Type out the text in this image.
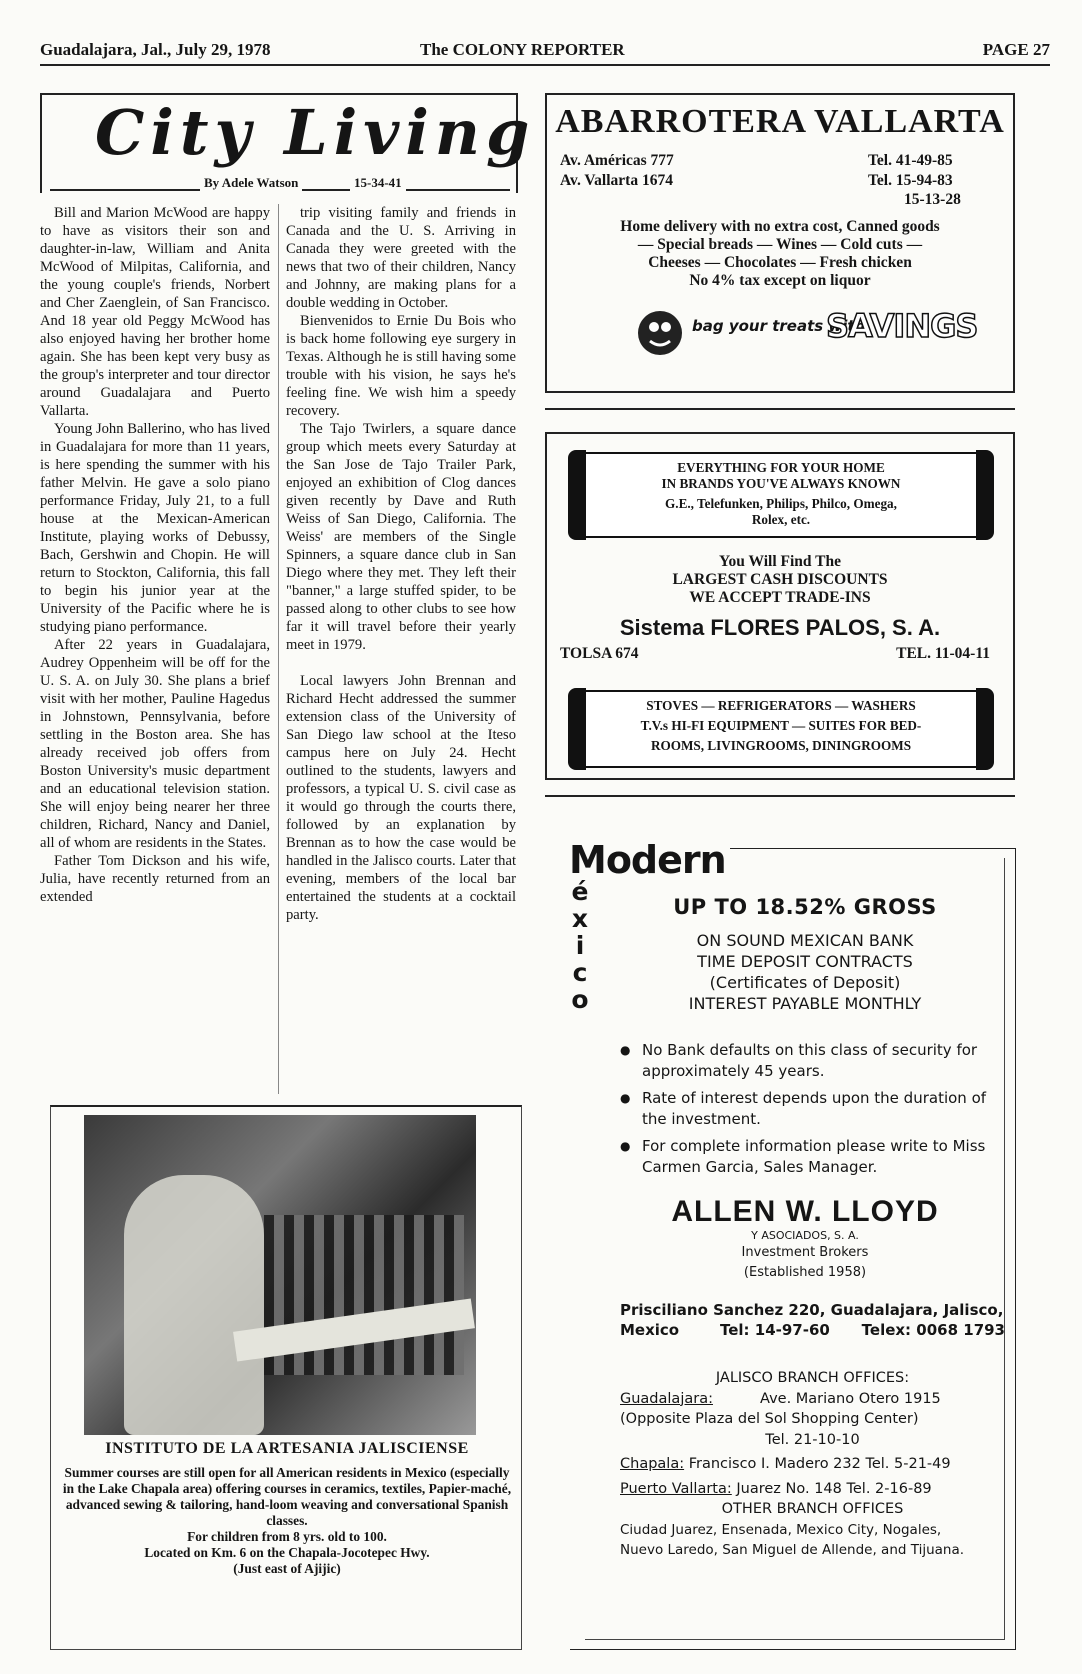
Guadalajara, Jal., July 29, 1978	The COLONY REPORTER	PAGE 27
City Living
By Adele Watson	15-34-41

Bill and Marion McWood are happy to have as visitors their son and daughter-in-law, William and Anita McWood of Milpitas, California, and the young couple's friends, Norbert and Cher Zaenglein, of San Francisco. And 18 year old Peggy McWood has also enjoyed having her brother home again. She has been kept very busy as the group's interpreter and tour director around Guadalajara and Puerto Vallarta.

Young John Ballerino, who has lived in Guadalajara for more than 11 years, is here spending the summer with his father Melvin. He gave a solo piano performance Friday, July 21, to a full house at the Mexican-American Institute, playing works of Debussy, Bach, Gershwin and Chopin. He will return to Stockton, California, this fall to begin his junior year at the University of the Pacific where he is studying piano performance.

After 22 years in Guadalajara, Audrey Oppenheim will be off for the U. S. A. on July 30. She plans a brief visit with her mother, Pauline Hagedus in Johnstown, Pennsylvania, before settling in the Boston area. She has already received job offers from Boston University's music department and an educational television station. She will enjoy being nearer her three children, Richard, Nancy and Daniel, all of whom are residents in the States.

Father Tom Dickson and his wife, Julia, have recently returned from an extended

trip visiting family and friends in Canada and the U. S. Arriving in Canada they were greeted with the news that two of their children, Nancy and Johnny, are making plans for a double wedding in October.

Bienvenidos to Ernie Du Bois who is back home following eye surgery in Texas. Although he is still having some trouble with his vision, he says he's feeling fine. We wish him a speedy recovery.

The Tajo Twirlers, a square dance group which meets every Saturday at the San Jose de Tajo Trailer Park, enjoyed an exhibition of Clog dances given recently by Dave and Ruth Weiss of San Diego, California. The Weiss' are members of the Single Spinners, a square dance club in San Diego where they met. They left their "banner," a large stuffed spider, to be passed along to other clubs to see how far it will travel before their yearly meet in 1979.

Local lawyers John Brennan and Richard Hecht addressed the summer extension class of the University of San Diego law school at the Iteso campus here on July 24. Hecht outlined to the students, lawyers and professors, a typical U. S. civil case as it would go through the courts there, followed by an explanation by Brennan as to how the case would be handled in the Jalisco courts. Later that evening, members of the local bar entertained the students at a cocktail party.

INSTITUTO DE LA ARTESANIA JALISCIENSE
Summer courses are still open for all American residents in Mexico (especially in the Lake Chapala area) offering courses in ceramics, textiles, Papier-maché, advanced sewing & tailoring, hand-loom weaving and conversational Spanish classes.
For children from 8 yrs. old to 100.
Located on Km. 6 on the Chapala-Jocotepec Hwy.
(Just east of Ajijic)
ABARROTERA VALLARTA
Av. Américas 777
Av. Vallarta 1674
Tel. 41-49-85
Tel. 15-94-83
15-13-28
Home delivery with no extra cost, Canned goods
— Special breads — Wines — Cold cuts —
Cheeses — Chocolates — Fresh chicken
No 4% tax except on liquor
bag your treats with
SAVINGS
EVERYTHING FOR YOUR HOME
IN BRANDS YOU'VE ALWAYS KNOWN
G.E., Telefunken, Philips, Philco, Omega,
Rolex, etc.
You Will Find The
LARGEST CASH DISCOUNTS
WE ACCEPT TRADE-INS
Sistema FLORES PALOS, S. A.
TOLSA 674	TEL. 11-04-11
STOVES — REFRIGERATORS — WASHERS
T.V.s HI-FI EQUIPMENT — SUITES FOR BED-
ROOMS, LIVINGROOMS, DININGROOMS
Modern
é
x
i
c
o
UP TO 18.52% GROSS
ON SOUND MEXICAN BANK
TIME DEPOSIT CONTRACTS
(Certificates of Deposit)
INTEREST PAYABLE MONTHLY
● No Bank defaults on this class of security for approximately 45 years.
● Rate of interest depends upon the duration of the investment.
● For complete information please write to Miss Carmen Garcia, Sales Manager.
ALLEN W. LLOYD
Y ASOCIADOS, S. A.
Investment Brokers
(Established 1958)
Prisciliano Sanchez 220, Guadalajara, Jalisco,
Mexico	Tel: 14-97-60 Telex: 0068 1793
JALISCO BRANCH OFFICES:
Guadalajara:	Ave. Mariano Otero 1915
(Opposite Plaza del Sol Shopping Center)
Tel. 21-10-10
Chapala: Francisco I. Madero 232 Tel. 5-21-49
Puerto Vallarta: Juarez No. 148 Tel. 2-16-89
OTHER BRANCH OFFICES
Ciudad Juarez, Ensenada, Mexico City, Nogales,
Nuevo Laredo, San Miguel de Allende, and Tijuana.
